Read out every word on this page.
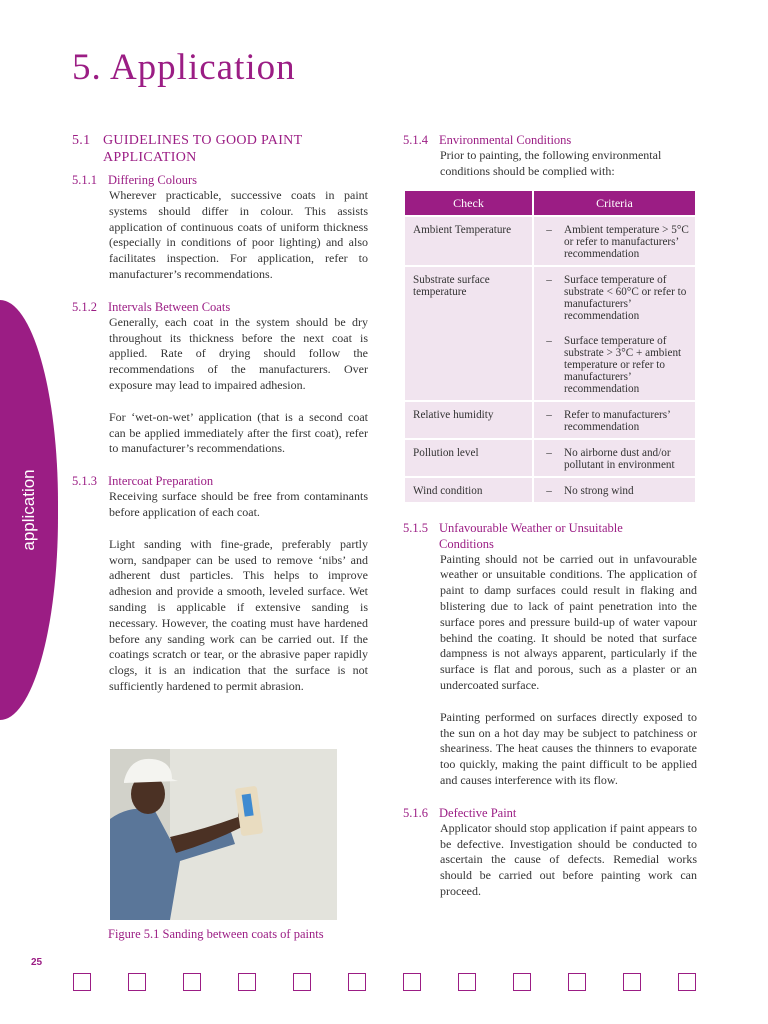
application
5. Application
5.1 GUIDELINES TO GOOD PAINT
APPLICATION
5.1.1 Differing Colours

Wherever practicable, successive coats in paint systems should differ in colour. This assists application of continuous coats of uniform thickness (especially in conditions of poor lighting) and also facilitates inspection. For application, refer to manufacturer’s recommendations.

5.1.2 Intervals Between Coats

Generally, each coat in the system should be dry throughout its thickness before the next coat is applied. Rate of drying should follow the recommendations of the manufacturers. Over exposure may lead to impaired adhesion.

For ‘wet-on-wet’ application (that is a second coat can be applied immediately after the first coat), refer to manufacturer’s recommendations.

5.1.3 Intercoat Preparation

Receiving surface should be free from contaminants before application of each coat.

Light sanding with fine-grade, preferably partly worn, sandpaper can be used to remove ‘nibs’ and adherent dust particles. This helps to improve adhesion and provide a smooth, leveled surface. Wet sanding is applicable if extensive sanding is necessary. However, the coating must have hardened before any sanding work can be carried out. If the coatings scratch or tear, or the abrasive paper rapidly clogs, it is an indication that the surface is not sufficiently hardened to permit abrasion.

Figure 5.1 Sanding between coats of paints
5.1.4 Environmental Conditions

Prior to painting, the following environmental conditions should be complied with:

Check	Criteria
Ambient Temperature	– Ambient temperature > 5°C or refer to manufacturers’ recommendation

Substrate surface temperature	– Surface temperature of substrate < 60°C or refer to manufacturers’ recommendation
– Surface temperature of substrate > 3°C + ambient temperature or refer to manufacturers’ recommendation

Relative humidity	– Refer to manufacturers’ recommendation

Pollution level	– No airborne dust and/or pollutant in environment

Wind condition	– No strong wind
5.1.5 Unfavourable Weather or Unsuitable
Conditions

Painting should not be carried out in unfavourable weather or unsuitable conditions. The application of paint to damp surfaces could result in flaking and blistering due to lack of paint penetration into the surface pores and pressure build-up of water vapour behind the coating. It should be noted that surface dampness is not always apparent, particularly if the surface is flat and porous, such as a plaster or an undercoated surface.

Painting performed on surfaces directly exposed to the sun on a hot day may be subject to patchiness or sheariness. The heat causes the thinners to evaporate too quickly, making the paint difficult to be applied and causes interference with its flow.

5.1.6 Defective Paint

Applicator should stop application if paint appears to be defective. Investigation should be conducted to ascertain the cause of defects. Remedial works should be carried out before painting work can proceed.

25
